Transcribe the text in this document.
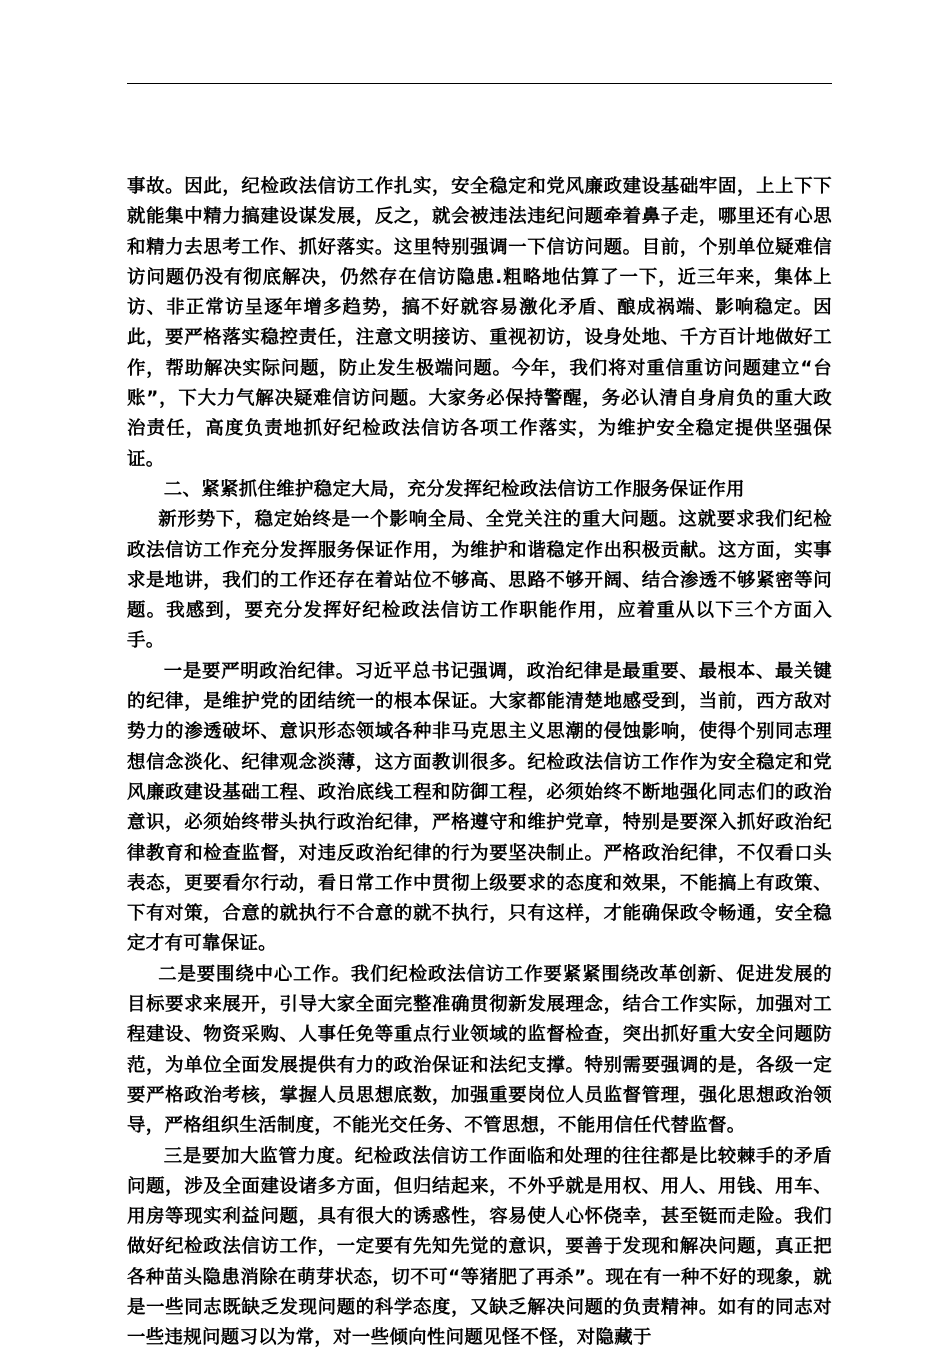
事故。因此，纪检政法信访工作扎实，安全稳定和党风廉政建设基础牢固，上上下下就能集中精力搞建设谋发展，反之，就会被违法违纪问题牵着鼻子走，哪里还有心思和精力去思考工作、抓好落实。这里特别强调一下信访问题。目前，个别单位疑难信访问题仍没有彻底解决，仍然存在信访隐患.粗略地估算了一下，近三年来，集体上访、非正常访呈逐年增多趋势，搞不好就容易激化矛盾、酿成祸端、影响稳定。因此，要严格落实稳控责任，注意文明接访、重视初访，设身处地、千方百计地做好工作，帮助解决实际问题，防止发生极端问题。今年，我们将对重信重访问题建立“台账”，下大力气解决疑难信访问题。大家务必保持警醒，务必认清自身肩负的重大政治责任，高度负责地抓好纪检政法信访各项工作落实，为维护安全稳定提供坚强保证。

二、紧紧抓住维护稳定大局，充分发挥纪检政法信访工作服务保证作用

新形势下，稳定始终是一个影响全局、全党关注的重大问题。这就要求我们纪检政法信访工作充分发挥服务保证作用，为维护和谐稳定作出积极贡献。这方面，实事求是地讲，我们的工作还存在着站位不够高、思路不够开阔、结合渗透不够紧密等问题。我感到，要充分发挥好纪检政法信访工作职能作用，应着重从以下三个方面入手。

一是要严明政治纪律。习近平总书记强调，政治纪律是最重要、最根本、最关键的纪律，是维护党的团结统一的根本保证。大家都能清楚地感受到，当前，西方敌对势力的渗透破坏、意识形态领域各种非马克思主义思潮的侵蚀影响，使得个别同志理想信念淡化、纪律观念淡薄，这方面教训很多。纪检政法信访工作作为安全稳定和党风廉政建设基础工程、政治底线工程和防御工程，必须始终不断地强化同志们的政治意识，必须始终带头执行政治纪律，严格遵守和维护党章，特别是要深入抓好政治纪律教育和检查监督，对违反政治纪律的行为要坚决制止。严格政治纪律，不仅看口头表态，更要看尔行动，看日常工作中贯彻上级要求的态度和效果，不能搞上有政策、下有对策，合意的就执行不合意的就不执行，只有这样，才能确保政令畅通，安全稳定才有可靠保证。

二是要围绕中心工作。我们纪检政法信访工作要紧紧围绕改革创新、促进发展的目标要求来展开，引导大家全面完整准确贯彻新发展理念，结合工作实际，加强对工程建设、物资采购、人事任免等重点行业领域的监督检查，突出抓好重大安全问题防范，为单位全面发展提供有力的政治保证和法纪支撑。特别需要强调的是，各级一定要严格政治考核，掌握人员思想底数，加强重要岗位人员监督管理，强化思想政治领导，严格组织生活制度，不能光交任务、不管思想，不能用信任代替监督。

三是要加大监管力度。纪检政法信访工作面临和处理的往往都是比较棘手的矛盾问题，涉及全面建设诸多方面，但归结起来，不外乎就是用权、用人、用钱、用车、用房等现实利益问题，具有很大的诱惑性，容易使人心怀侥幸，甚至铤而走险。我们做好纪检政法信访工作，一定要有先知先觉的意识，要善于发现和解决问题，真正把各种苗头隐患消除在萌芽状态，切不可“等猪肥了再杀”。现在有一种不好的现象，就是一些同志既缺乏发现问题的科学态度，又缺乏解决问题的负责精神。如有的同志对一些违规问题习以为常，对一些倾向性问题见怪不怪，对隐藏于
